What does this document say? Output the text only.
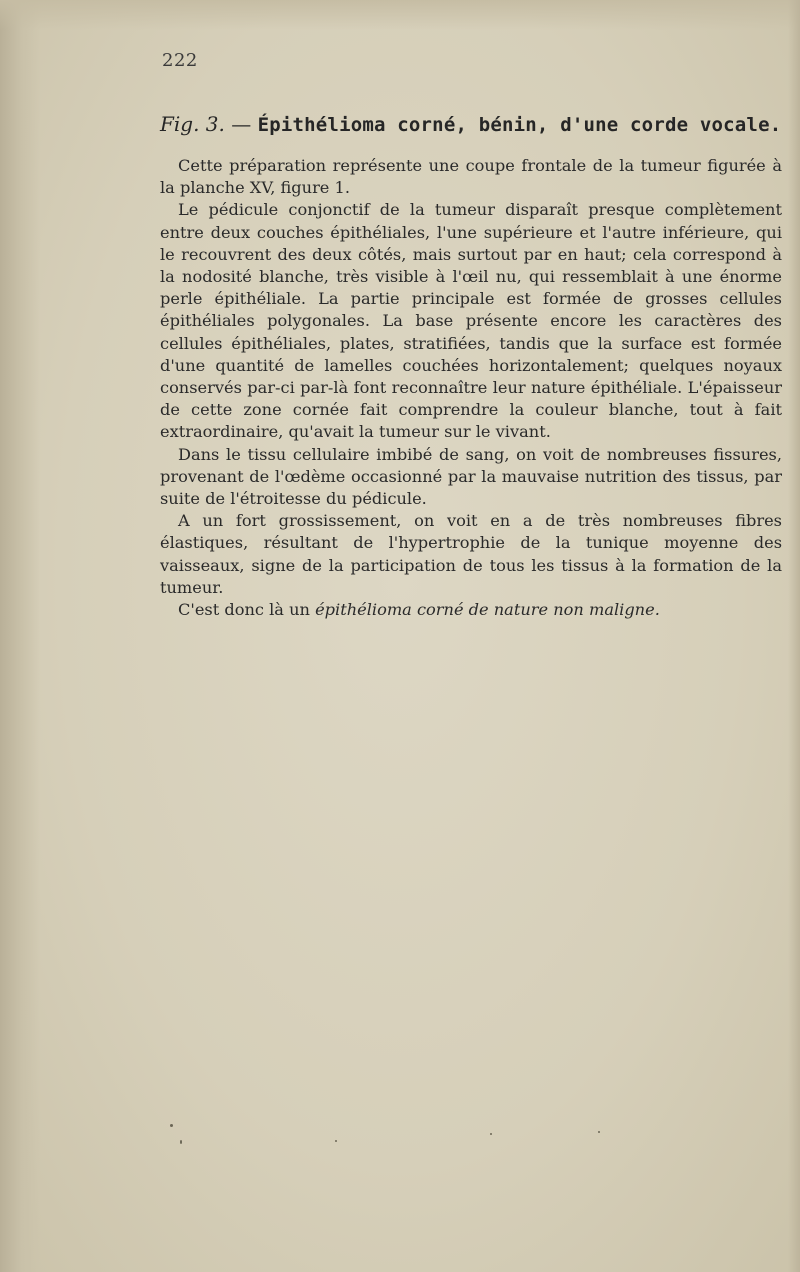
222
Fig. 3. — Épithélioma corné, bénin, d'une corde vocale.

Cette préparation représente une coupe frontale de la tumeur figurée à la planche XV, figure 1.

Le pédicule conjonctif de la tumeur disparaît presque complètement entre deux couches épithéliales, l'une supérieure et l'autre inférieure, qui le recouvrent des deux côtés, mais surtout par en haut; cela correspond à la nodosité blanche, très visible à l'œil nu, qui ressemblait à une énorme perle épithéliale. La partie principale est formée de grosses cellules épithéliales polygonales. La base présente encore les caractères des cellules épithéliales, plates, stratifiées, tandis que la surface est formée d'une quantité de lamelles couchées horizontalement; quelques noyaux conservés par-ci par-là font reconnaître leur nature épithéliale. L'épaisseur de cette zone cornée fait comprendre la couleur blanche, tout à fait extraordinaire, qu'avait la tumeur sur le vivant.

Dans le tissu cellulaire imbibé de sang, on voit de nombreuses fissures, provenant de l'œdème occasionné par la mauvaise nutrition des tissus, par suite de l'étroitesse du pédicule.

A un fort grossissement, on voit en a de très nombreuses fibres élastiques, résultant de l'hypertrophie de la tunique moyenne des vaisseaux, signe de la participation de tous les tissus à la formation de la tumeur.

C'est donc là un épithélioma corné de nature non maligne.
